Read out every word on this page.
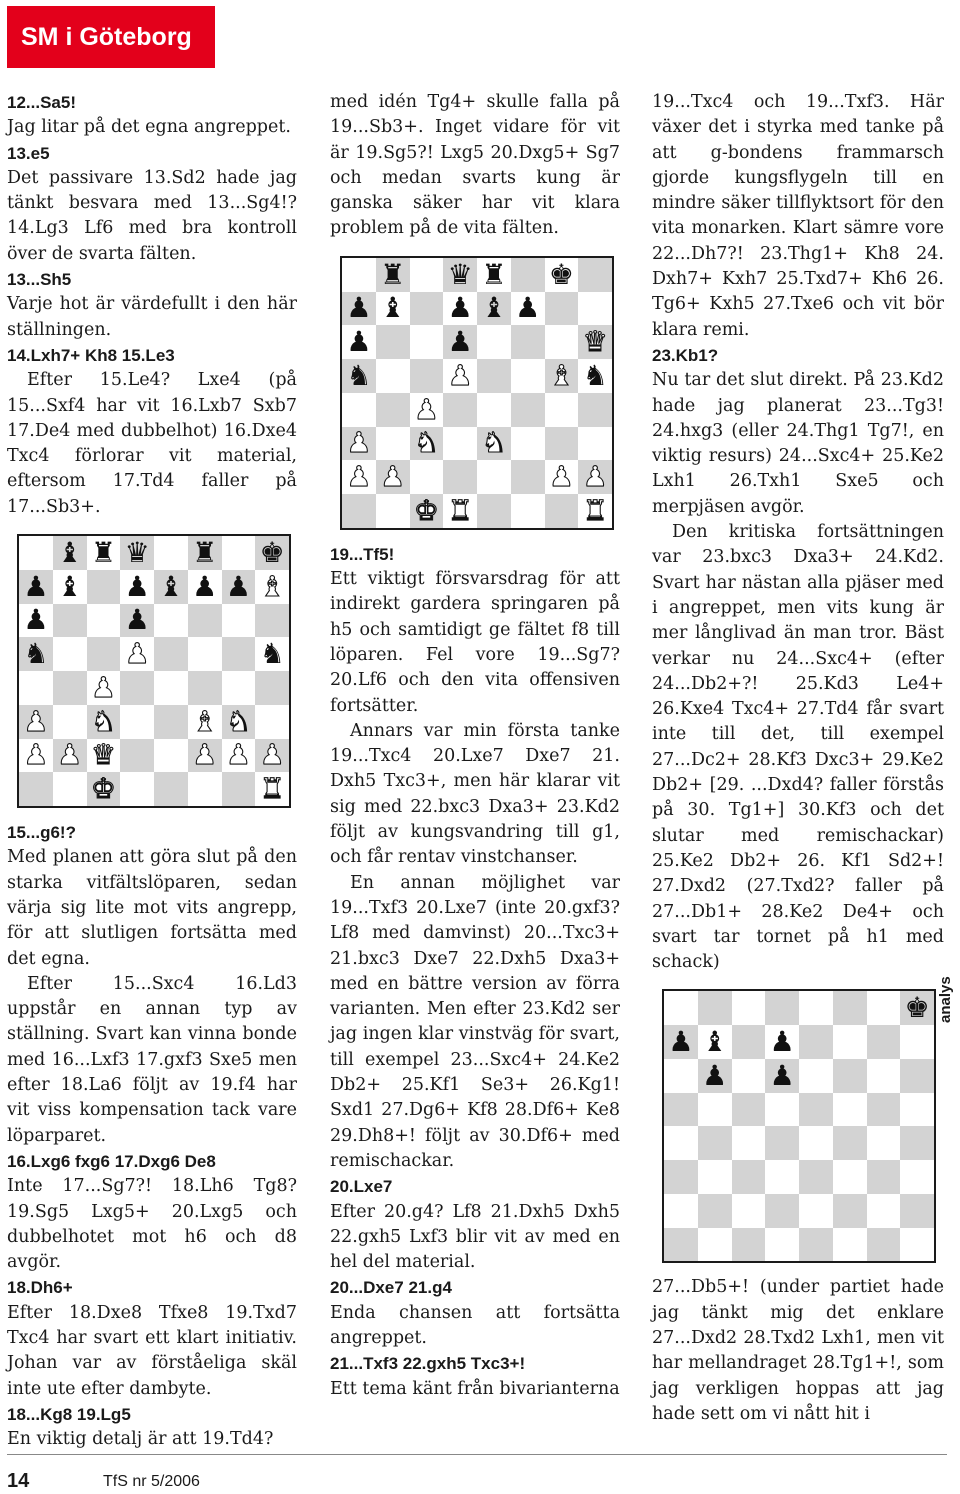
SM i Göteborg

12...Sa5!

Jag litar på det egna angreppet.

13.e5

Det passivare 13.Sd2 hade jag tänkt besvara med 13...Sg4!? 14.Lg3 Lf6 med bra kontroll över de svarta fälten.

13...Sh5

Varje hot är värdefullt i den här ställningen.

14.Lxh7+ Kh8 15.Le3

Efter 15.Le4? Lxe4 (på 15...Sxf4 har vit 16.Lxb7 Sxb7 17.De4 med dubbelhot) 16.Dxe4 Txc4 förlorar vit material, eftersom 17.Td4 faller på 17...Sb3+.

♝ ♜ ♛ ♜ ♚
♟ ♝ ♟ ♝ ♟ ♟ ♝
♟	♟
♞	♟	♞
♟
♟ ♞	♝ ♞
♟ ♟ ♛	♟ ♟ ♟
♚	♜

15...g6!?

Med planen att göra slut på den starka vitfältslöparen, sedan värja sig lite mot vits angrepp, för att slutligen fortsätta med det egna.

Efter 15...Sxc4 16.Ld3 uppstår en annan typ av ställning. Svart kan vinna bonde med 16...Lxf3 17.gxf3 Sxe5 men efter 18.La6 följt av 19.f4 har vit viss kompensation tack vare löparparet.

16.Lxg6 fxg6 17.Dxg6 De8

Inte 17...Sg7?! 18.Lh6 Tg8? 19.Sg5 Lxg5+ 20.Lxg5 och dubbelhotet mot h6 och d8 avgör.

18.Dh6+

Efter 18.Dxe8 Tfxe8 19.Txd7 Txc4 har svart ett klart initiativ. Johan var av förståeliga skäl inte ute efter dambyte.

18...Kg8 19.Lg5

En viktig detalj är att 19.Td4?

med idén Tg4+ skulle falla på 19...Sb3+. Inget vidare för vit är 19.Sg5?! Lxg5 20.Dxg5+ Sg7 och medan svarts kung är ganska säker har vit klara problem på de vita fälten.

♜ ♛ ♜ ♚
♟ ♝ ♟ ♝ ♟
♟	♟	♛
♞	♟	♝ ♞
♟
♟ ♞ ♞
♟ ♟	♟ ♟
♚ ♜	♜

19...Tf5!

Ett viktigt försvarsdrag för att indirekt gardera springaren på h5 och samtidigt ge fältet f8 till löparen. Fel vore 19...Sg7? 20.Lf6 och den vita offensiven fortsätter.

Annars var min första tanke 19...Txc4 20.Lxe7 Dxe7 21. Dxh5 Txc3+, men här klarar vit sig med 22.bxc3 Dxa3+ 23.Kd2 följt av kungsvandring till g1, och får rentav vinstchanser.

En annan möjlighet var 19...Txf3 20.Lxe7 (inte 20.gxf3? Lf8 med damvinst) 20...Txc3+ 21.bxc3 Dxe7 22.Dxh5 Dxa3+ med en bättre version av förra varianten. Men efter 23.Kd2 ser jag ingen klar vinstväg för svart, till exempel 23...Sxc4+ 24.Ke2 Db2+ 25.Kf1 Se3+ 26.Kg1! Sxd1 27.Dg6+ Kf8 28.Df6+ Ke8 29.Dh8+! följt av 30.Df6+ med remischackar.

20.Lxe7

Efter 20.g4? Lf8 21.Dxh5 Dxh5 22.gxh5 Lxf3 blir vit av med en hel del material.

20...Dxe7 21.g4

Enda chansen att fortsätta angreppet.

21...Txf3 22.gxh5 Txc3+!

Ett tema känt från bivarianterna

19...Txc4 och 19...Txf3. Här växer det i styrka med tanke på att g-bondens frammarsch gjorde kungsflygeln till en mindre säker tillflyktsort för den vita monarken. Klart sämre vore 22...Dh7?! 23.Thg1+ Kh8 24. Dxh7+ Kxh7 25.Txd7+ Kh6 26. Tg6+ Kxh5 27.Txe6 och vit bör klara remi.

23.Kb1?

Nu tar det slut direkt. På 23.Kd2 hade jag planerat 23...Tg3! 24.hxg3 (eller 24.Thg1 Tg7!, en viktig resurs) 24...Sxc4+ 25.Ke2 Lxh1 26.Txh1 Sxe5 och merpjäsen avgör.

Den kritiska fortsättningen var 23.bxc3 Dxa3+ 24.Kd2. Svart har nästan alla pjäser med i angreppet, men vits kung är mer långlivad än man tror. Bäst verkar nu 24...Sxc4+ (efter 24...Db2+?! 25.Kd3 Le4+ 26.Kxe4 Txc4+ 27.Td4 får svart inte till det, till exempel 27...Dc2+ 28.Kf3 Dxc3+ 29.Ke2 Db2+ [29. ...Dxd4? faller förstås på 30. Tg1+] 30.Kf3 och det slutar med remischackar) 25.Ke2 Db2+ 26. Kf1 Sd2+! 27.Dxd2 (27.Txd2? faller på 27...Db1+ 28.Ke2 De4+ och svart tar tornet på h1 med schack)

♚
♟ ♝ ♟
♟ ♟

27...Db5+! (under partiet hade jag tänkt mig det enklare 27...Dxd2 28.Txd2 Lxh1, men vit har mellandraget 28.Tg1+!, som jag verkligen hoppas att jag hade sett om vi nått hit i

analys
14	TfS nr 5/2006
